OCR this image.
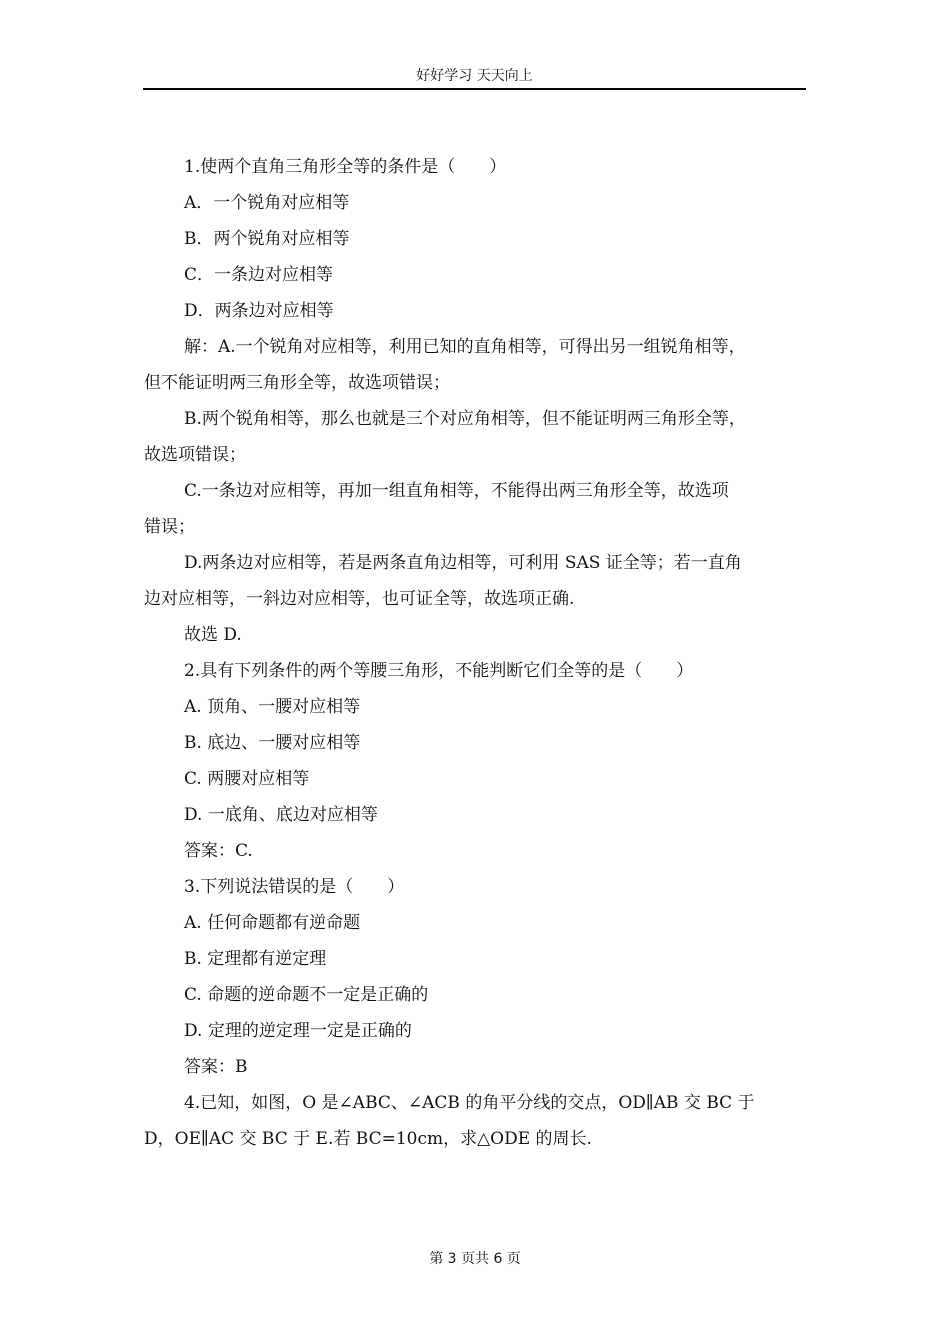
好好学习 天天向上
1.使两个直角三角形全等的条件是（　　）
A．一个锐角对应相等
B．两个锐角对应相等
C．一条边对应相等
D．两条边对应相等
解：A.一个锐角对应相等，利用已知的直角相等，可得出另一组锐角相等，
但不能证明两三角形全等，故选项错误；
B.两个锐角相等，那么也就是三个对应角相等，但不能证明两三角形全等，
故选项错误；
C.一条边对应相等，再加一组直角相等，不能得出两三角形全等，故选项
错误；
D.两条边对应相等，若是两条直角边相等，可利用 SAS 证全等；若一直角
边对应相等，一斜边对应相等，也可证全等，故选项正确.
故选 D.
2.具有下列条件的两个等腰三角形，不能判断它们全等的是（　　）
A. 顶角、一腰对应相等
B. 底边、一腰对应相等
C. 两腰对应相等
D. 一底角、底边对应相等
答案：C.
3.下列说法错误的是（　　）
A. 任何命题都有逆命题
B. 定理都有逆定理
C. 命题的逆命题不一定是正确的
D. 定理的逆定理一定是正确的
答案：B
4.已知，如图，O 是∠ABC、∠ACB 的角平分线的交点，OD∥AB 交 BC 于
D，OE∥AC 交 BC 于 E.若 BC=10cm，求△ODE 的周长.
第 3 页共 6 页
